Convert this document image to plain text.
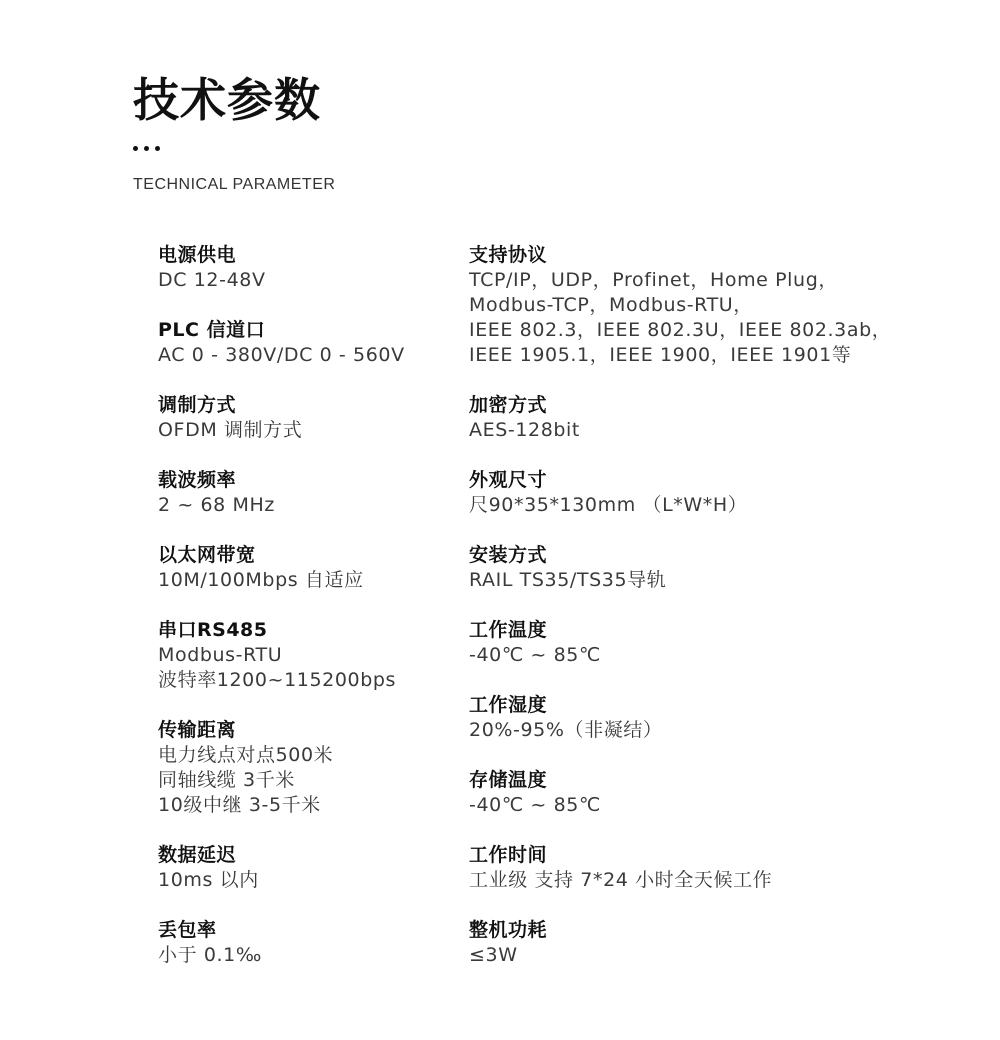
技术参数
TECHNICAL PARAMETER
电源供电
DC 12-48V
PLC 信道口
AC 0 - 380V/DC 0 - 560V
调制方式
OFDM 调制方式
载波频率
2 ~ 68 MHz
以太网带宽
10M/100Mbps 自适应
串口RS485
Modbus-RTU
波特率1200~115200bps
传输距离
电力线点对点500米
同轴线缆 3千米
10级中继 3-5千米
数据延迟
10ms 以内
丢包率
小于 0.1‰
支持协议
TCP/IP，UDP，Profinet，Home Plug，
Modbus-TCP，Modbus-RTU，
IEEE 802.3，IEEE 802.3U，IEEE 802.3ab，
IEEE 1905.1，IEEE 1900，IEEE 1901等
加密方式
AES-128bit
外观尺寸
尺90*35*130mm （L*W*H）
安装方式
RAIL TS35/TS35导轨
工作温度
-40℃ ~ 85℃
工作湿度
20%-95%（非凝结）
存储温度
-40℃ ~ 85℃
工作时间
工业级 支持 7*24 小时全天候工作
整机功耗
≤3W
